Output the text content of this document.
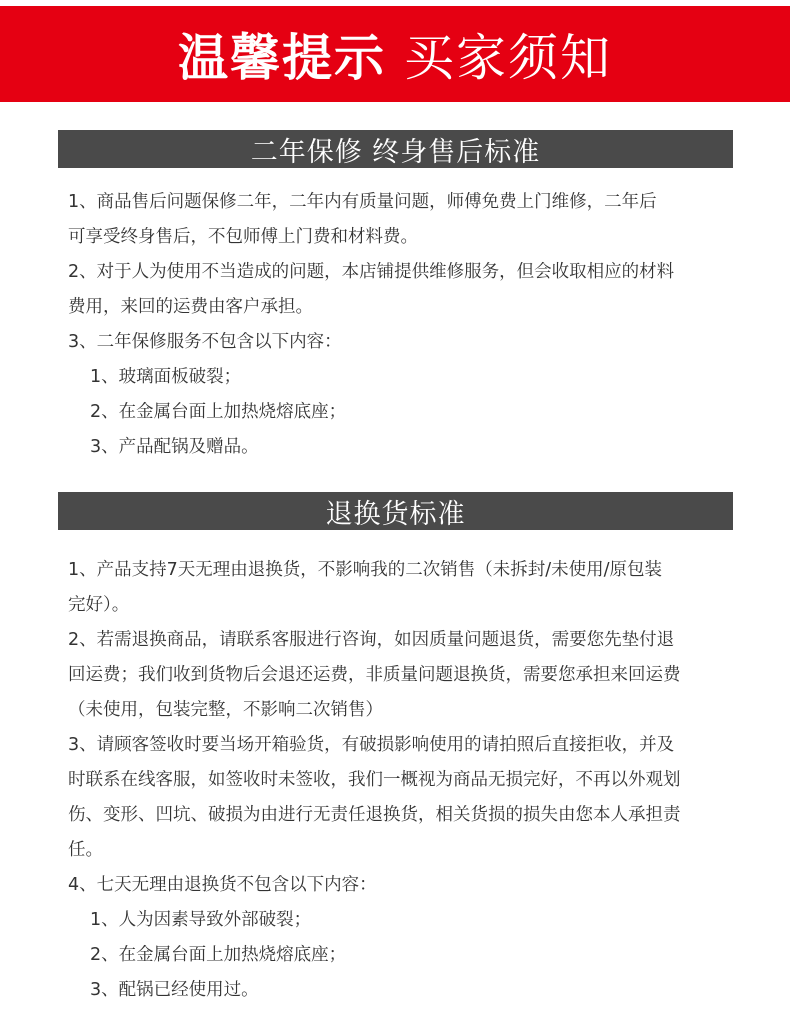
温馨提示 买家须知
二年保修 终身售后标准
1、商品售后问题保修二年，二年内有质量问题，师傅免费上门维修，二年后
可享受终身售后，不包师傅上门费和材料费。
2、对于人为使用不当造成的问题，本店铺提供维修服务，但会收取相应的材料
费用，来回的运费由客户承担。
3、二年保修服务不包含以下内容：
1、玻璃面板破裂；
2、在金属台面上加热烧熔底座；
3、产品配锅及赠品。
退换货标准
1、产品支持7天无理由退换货，不影响我的二次销售（未拆封/未使用/原包装
完好）。
2、若需退换商品，请联系客服进行咨询，如因质量问题退货，需要您先垫付退
回运费；我们收到货物后会退还运费，非质量问题退换货，需要您承担来回运费
（未使用，包装完整，不影响二次销售）
3、请顾客签收时要当场开箱验货，有破损影响使用的请拍照后直接拒收，并及
时联系在线客服，如签收时未签收，我们一概视为商品无损完好，不再以外观划
伤、变形、凹坑、破损为由进行无责任退换货，相关货损的损失由您本人承担责
任。
4、七天无理由退换货不包含以下内容：
1、人为因素导致外部破裂；
2、在金属台面上加热烧熔底座；
3、配锅已经使用过。
